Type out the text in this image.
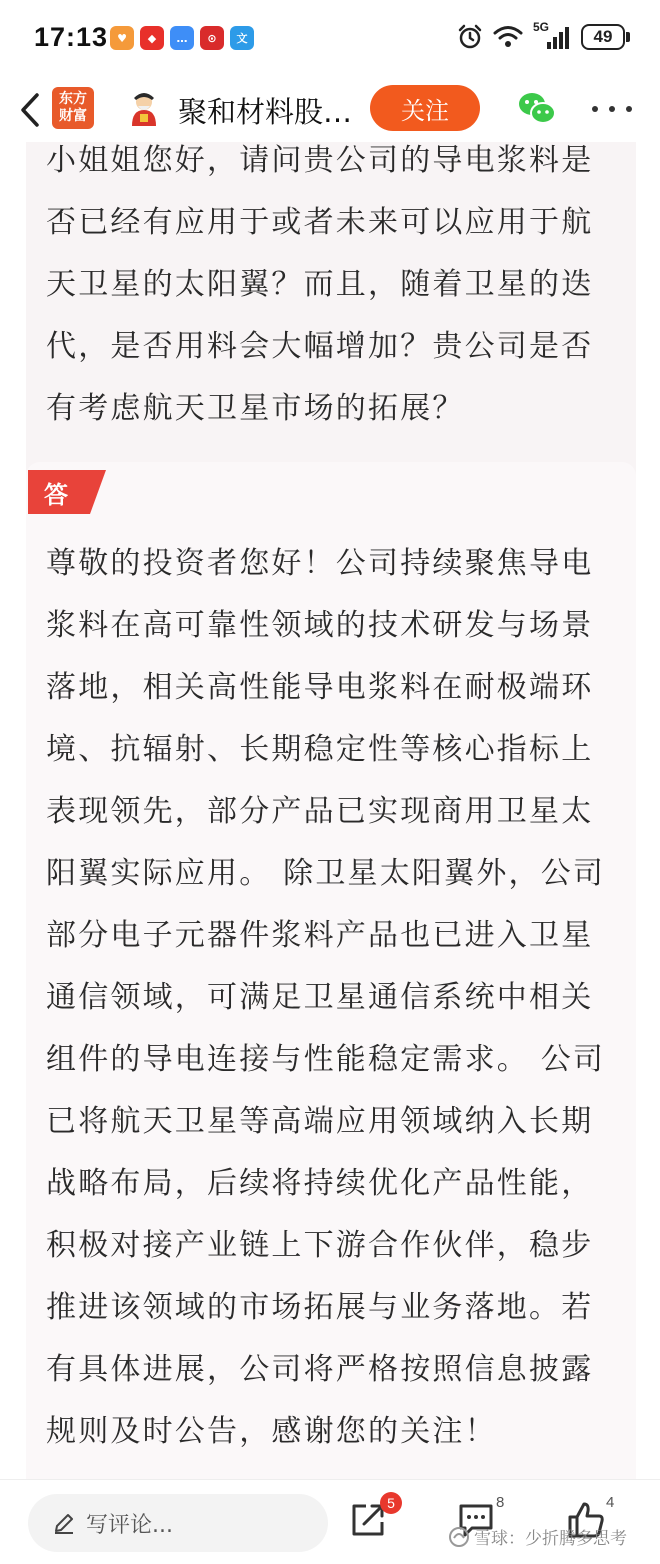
17:13 ♥	◆	…	⊙	文
5G	49
东方
财富	聚和材料股…	关注
小姐姐您好，请问贵公司的导电浆料是否已经有应用于或者未来可以应用于航天卫星的太阳翼？而且，随着卫星的迭代，是否用料会大幅增加？贵公司是否有考虑航天卫星市场的拓展？
答
尊敬的投资者您好！公司持续聚焦导电浆料在高可靠性领域的技术研发与场景落地，相关高性能导电浆料在耐极端环境、抗辐射、长期稳定性等核心指标上表现领先，部分产品已实现商用卫星太阳翼实际应用。 除卫星太阳翼外，公司部分电子元器件浆料产品也已进入卫星通信领域，可满足卫星通信系统中相关组件的导电连接与性能稳定需求。 公司已将航天卫星等高端应用领域纳入长期战略布局，后续将持续优化产品性能，积极对接产业链上下游合作伙伴，稳步推进该领域的市场拓展与业务落地。若有具体进展，公司将严格按照信息披露规则及时公告，感谢您的关注！
写评论...
5	8	4
雪球：少折腾多思考
